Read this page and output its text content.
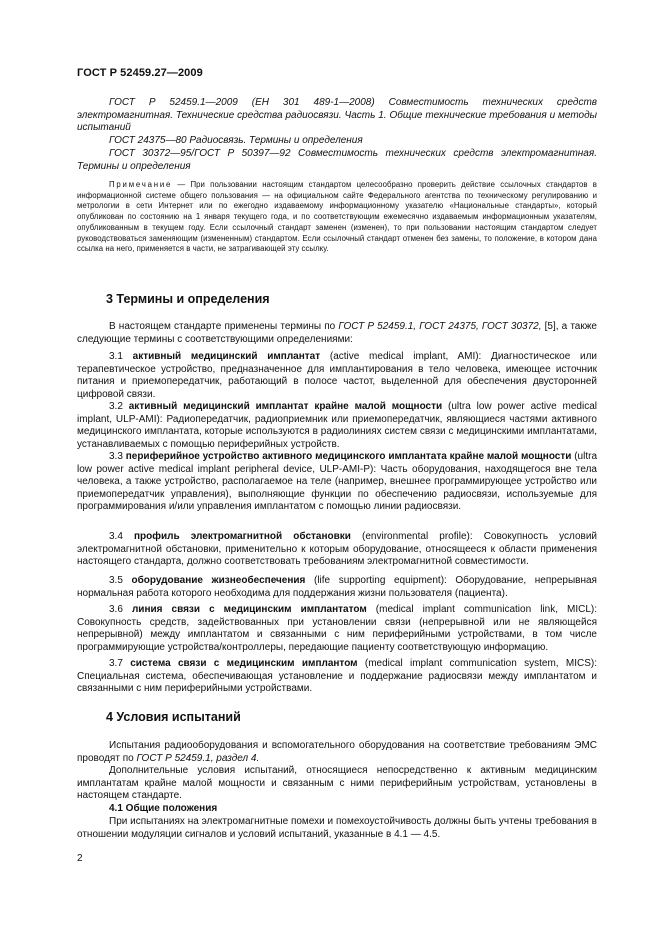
ГОСТ Р 52459.27—2009

ГОСТ Р 52459.1—2009 (ЕН 301 489-1—2008) Совместимость технических средств электромагнитная. Технические средства радиосвязи. Часть 1. Общие технические требования и методы испытаний

ГОСТ 24375—80 Радиосвязь. Термины и определения

ГОСТ 30372—95/ГОСТ Р 50397—92 Совместимость технических средств электромагнитная. Термины и определения

Примечание — При пользовании настоящим стандартом целесообразно проверить действие ссылочных стандартов в информационной системе общего пользования — на официальном сайте Федерального агентства по техническому регулированию и метрологии в сети Интернет или по ежегодно издаваемому информационному указателю «Национальные стандарты», который опубликован по состоянию на 1 января текущего года, и по соответствующим ежемесячно издаваемым информационным указателям, опубликованным в текущем году. Если ссылочный стандарт заменен (изменен), то при пользовании настоящим стандартом следует руководствоваться заменяющим (измененным) стандартом. Если ссылочный стандарт отменен без замены, то положение, в котором дана ссылка на него, применяется в части, не затрагивающей эту ссылку.

3 Термины и определения

В настоящем стандарте применены термины по ГОСТ Р 52459.1, ГОСТ 24375, ГОСТ 30372, [5], а также следующие термины с соответствующими определениями:

3.1 активный медицинский имплантат (active medical implant, AMI): Диагностическое или терапевтическое устройство, предназначенное для имплантирования в тело человека, имеющее источник питания и приемопередатчик, работающий в полосе частот, выделенной для обеспечения двусторонней цифровой связи.

3.2 активный медицинский имплантат крайне малой мощности (ultra low power active medical implant, ULP-AMI): Радиопередатчик, радиоприемник или приемопередатчик, являющиеся частями активного медицинского имплантата, которые используются в радиолиниях систем связи с медицинскими имплантатами, устанавливаемых с помощью периферийных устройств.

3.3 периферийное устройство активного медицинского имплантата крайне малой мощности (ultra low power active medical implant peripheral device, ULP-AMI-P): Часть оборудования, находящегося вне тела человека, а также устройство, располагаемое на теле (например, внешнее программирующее устройство или приемопередатчик управления), выполняющие функции по обеспечению радиосвязи, используемые для программирования и/или управления имплантатом с помощью линии радиосвязи.

3.4 профиль электромагнитной обстановки (environmental profile): Совокупность условий электромагнитной обстановки, применительно к которым оборудование, относящееся к области применения настоящего стандарта, должно соответствовать требованиям электромагнитной совместимости.

3.5 оборудование жизнеобеспечения (life supporting equipment): Оборудование, непрерывная нормальная работа которого необходима для поддержания жизни пользователя (пациента).

3.6 линия связи с медицинским имплантатом (medical implant communication link, MICL): Совокупность средств, задействованных при установлении связи (непрерывной или не являющейся непрерывной) между имплантатом и связанными с ним периферийными устройствами, в том числе программирующие устройства/контроллеры, передающие пациенту соответствующую информацию.

3.7 система связи с медицинским имплантом (medical implant communication system, MICS): Специальная система, обеспечивающая установление и поддержание радиосвязи между имплантатом и связанными с ним периферийными устройствами.

4 Условия испытаний

Испытания радиооборудования и вспомогательного оборудования на соответствие требованиям ЭМС проводят по ГОСТ Р 52459.1, раздел 4.

Дополнительные условия испытаний, относящиеся непосредственно к активным медицинским имплантатам крайне малой мощности и связанным с ними периферийным устройствам, установлены в настоящем стандарте.

4.1 Общие положения

При испытаниях на электромагнитные помехи и помехоустойчивость должны быть учтены требования в отношении модуляции сигналов и условий испытаний, указанные в 4.1 — 4.5.

2
